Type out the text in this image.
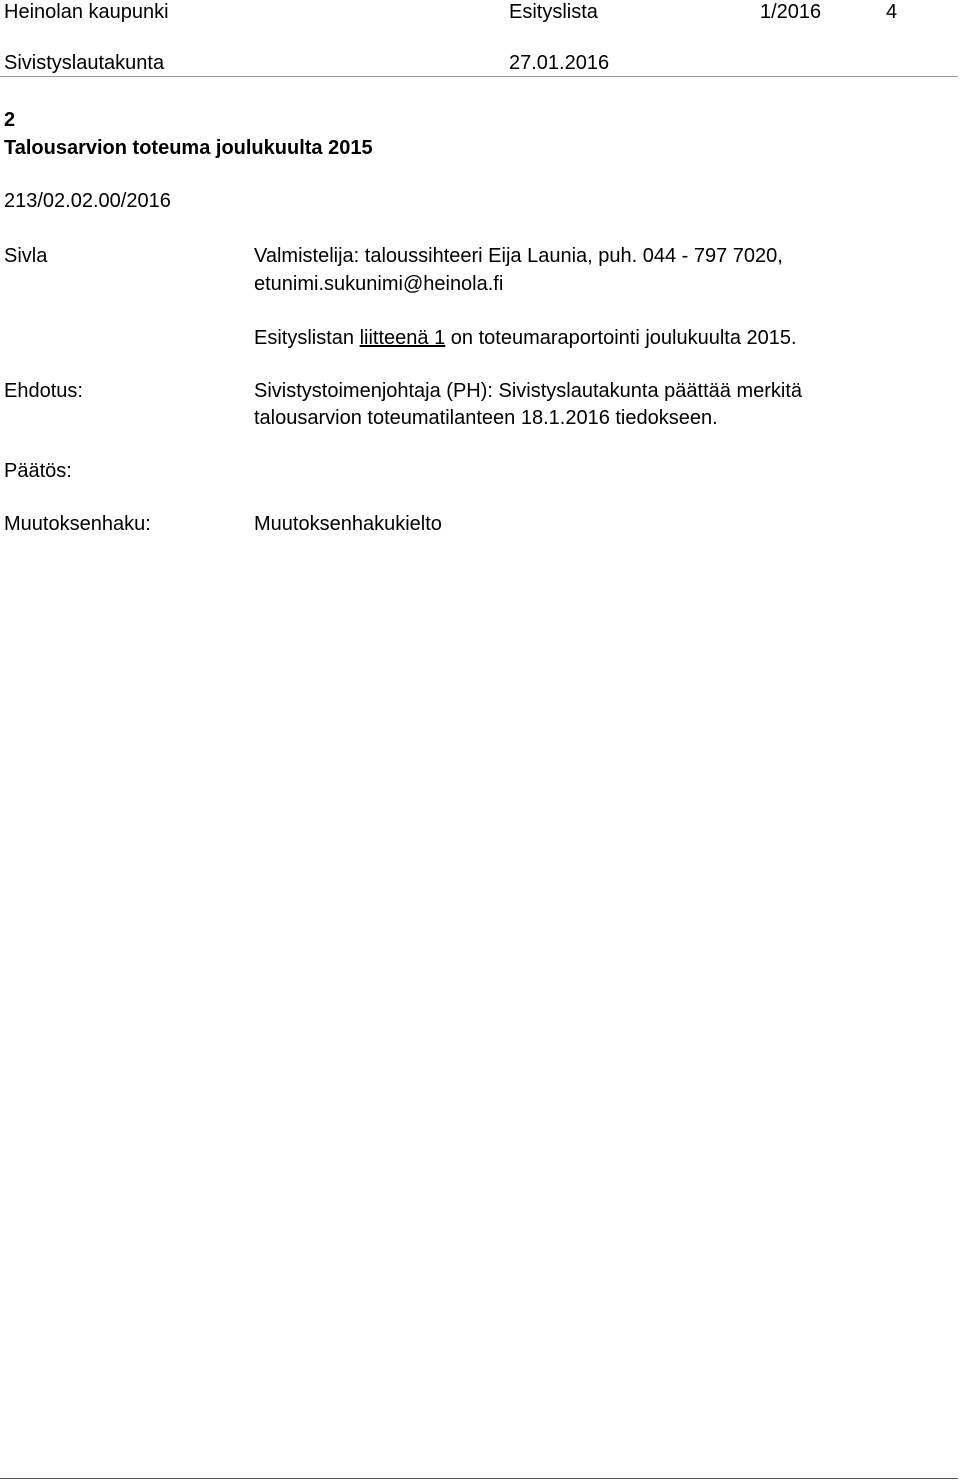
Heinolan kaupunki	Esityslista	1/2016	4
Sivistyslautakunta	27.01.2016
2
Talousarvion toteuma joulukuulta 2015
213/02.02.00/2016
Sivla	Valmistelija: taloussihteeri Eija Launia, puh. 044 - 797 7020,
etunimi.sukunimi@heinola.fi
Esityslistan liitteenä 1 on toteumaraportointi joulukuulta 2015.
Ehdotus:	Sivistystoimenjohtaja (PH): Sivistyslautakunta päättää merkitä
talousarvion toteumatilanteen 18.1.2016 tiedokseen.
Päätös:
Muutoksenhaku:	Muutoksenhakukielto
